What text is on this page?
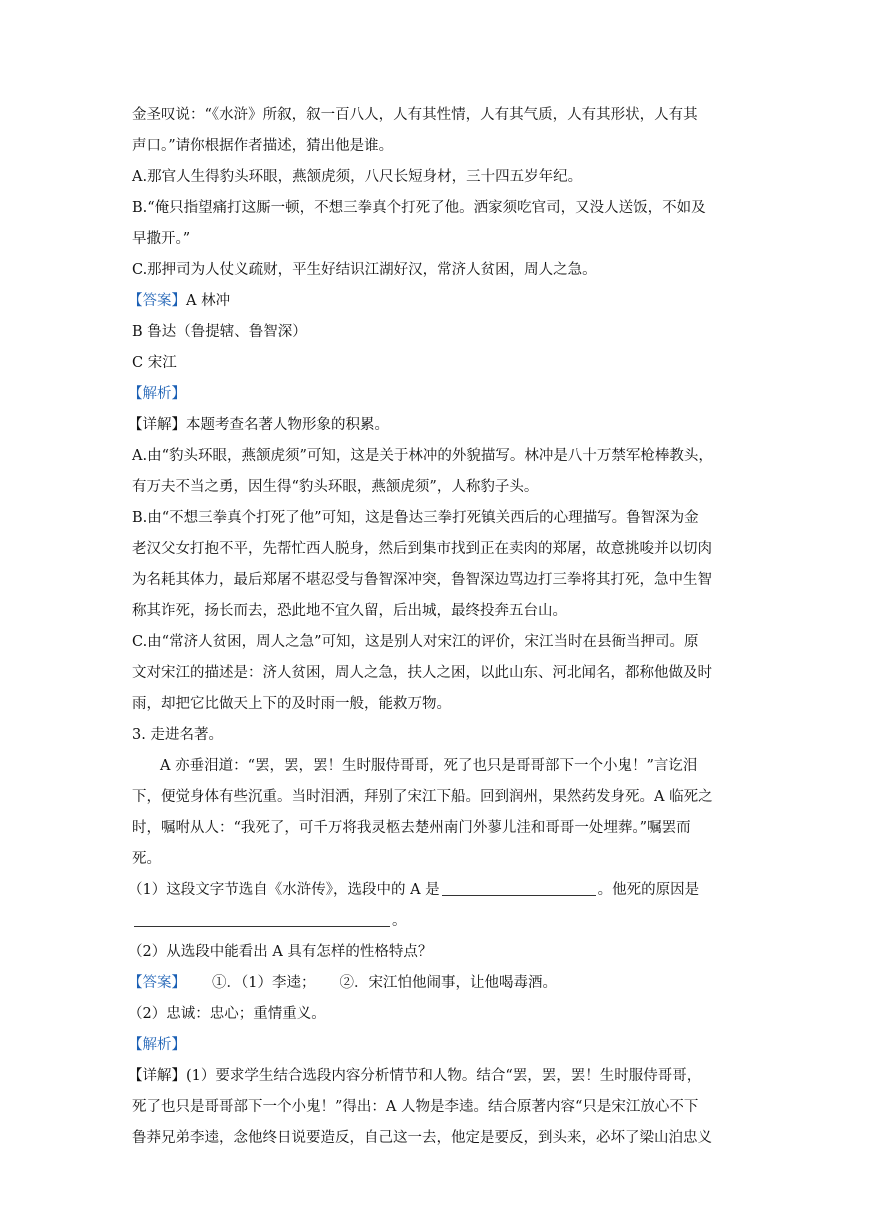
金圣叹说：“《水浒》所叙，叙一百八人，人有其性情，人有其气质，人有其形状，人有其
声口。”请你根据作者描述，猜出他是谁。
A.那官人生得豹头环眼，燕颔虎须，八尺长短身材，三十四五岁年纪。
B.“俺只指望痛打这厮一顿，不想三拳真个打死了他。洒家须吃官司，又没人送饭，不如及
早撒开。”
C.那押司为人仗义疏财，平生好结识江湖好汉，常济人贫困，周人之急。
【答案】A 林冲
B 鲁达（鲁提辖、鲁智深）
C 宋江
【解析】
【详解】本题考查名著人物形象的积累。
A.由“豹头环眼，燕颔虎须”可知，这是关于林冲的外貌描写。林冲是八十万禁军枪棒教头，
有万夫不当之勇，因生得“豹头环眼，燕颔虎须”，人称豹子头。
B.由“不想三拳真个打死了他”可知，这是鲁达三拳打死镇关西后的心理描写。鲁智深为金
老汉父女打抱不平，先帮忙西人脱身，然后到集市找到正在卖肉的郑屠，故意挑唆并以切肉
为名耗其体力，最后郑屠不堪忍受与鲁智深冲突，鲁智深边骂边打三拳将其打死，急中生智
称其诈死，扬长而去，恐此地不宜久留，后出城，最终投奔五台山。
C.由“常济人贫困，周人之急”可知，这是别人对宋江的评价，宋江当时在县衙当押司。原
文对宋江的描述是：济人贫困，周人之急，扶人之困，以此山东、河北闻名，都称他做及时
雨，却把它比做天上下的及时雨一般，能救万物。
3. 走进名著。
A 亦垂泪道：“罢，罢，罢！生时服侍哥哥，死了也只是哥哥部下一个小鬼！”言讫泪
下，便觉身体有些沉重。当时泪洒，拜别了宋江下船。回到润州，果然药发身死。A 临死之
时，嘱咐从人：“我死了，可千万将我灵柩去楚州南门外蓼儿洼和哥哥一处埋葬。”嘱罢而
死。
（1）这段文字节选自《水浒传》，选段中的 A 是	。他死的原因是
。
（2）从选段中能看出 A 具有怎样的性格特点？
【答案】 ①．（1）李逵； ②．宋江怕他闹事，让他喝毒酒。
（2）忠诚：忠心；重情重义。
【解析】
【详解】(1）要求学生结合选段内容分析情节和人物。结合“罢，罢，罢！生时服侍哥哥，
死了也只是哥哥部下一个小鬼！”得出：A 人物是李逵。结合原著内容“只是宋江放心不下
鲁莽兄弟李逵，念他终日说要造反，自己这一去，他定是要反，到头来，必坏了梁山泊忠义
